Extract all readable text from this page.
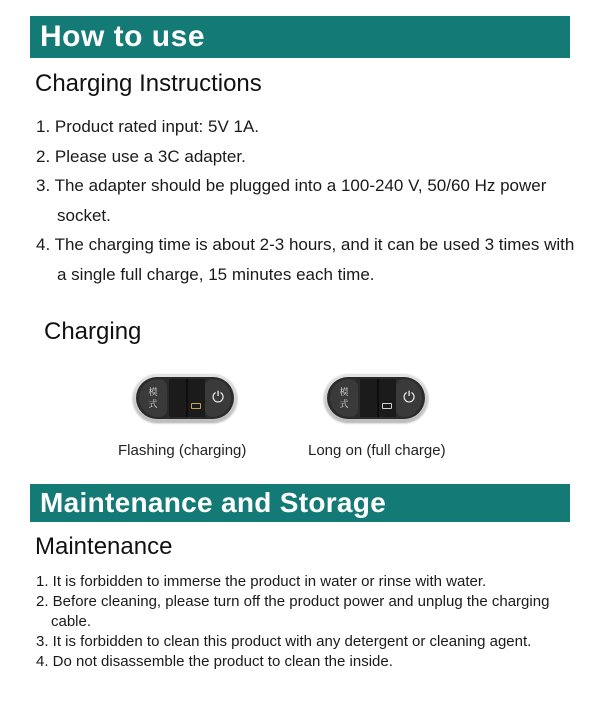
How to use
Charging Instructions
1. Product rated input: 5V 1A.
2. Please use a 3C adapter.
3. The adapter should be plugged into a 100-240 V, 50/60 Hz power socket.
4. The charging time is about 2-3 hours, and it can be used 3 times with a single full charge, 15 minutes each time.
Charging
模
式	⏻	模
式	⏻
Flashing (charging)	Long on (full charge)
Maintenance and Storage
Maintenance
1. It is forbidden to immerse the product in water or rinse with water.
2. Before cleaning, please turn off the product power and unplug the charging cable.
3. It is forbidden to clean this product with any detergent or cleaning agent.
4. Do not disassemble the product to clean the inside.
